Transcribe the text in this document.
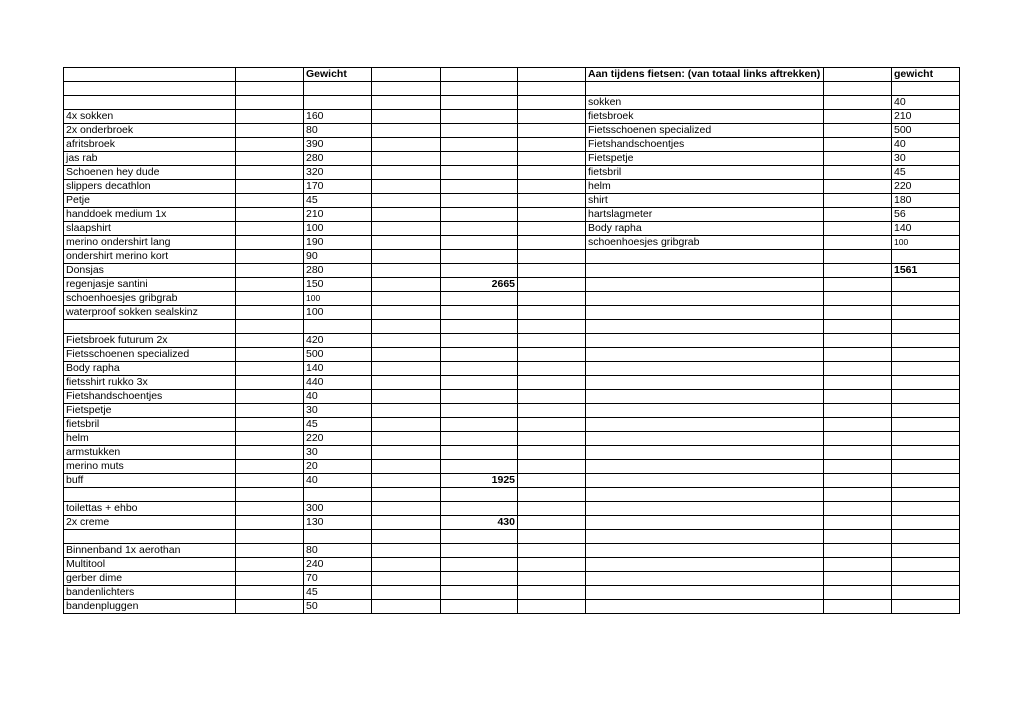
		Gewicht				Aan tijdens fietsen: (van totaal links aftrekken)		gewicht

						sokken		40
4x sokken		160				fietsbroek		210
2x onderbroek		80				Fietsschoenen specialized		500
afritsbroek		390				Fietshandschoentjes		40
jas rab		280				Fietspetje		30
Schoenen hey dude		320				fietsbril		45
slippers decathlon		170				helm		220
Petje		45				shirt		180
handdoek medium 1x		210				hartslagmeter		56
slaapshirt		100				Body rapha		140
merino ondershirt lang		190				schoenhoesjes gribgrab		100
ondershirt merino kort		90						
Donsjas		280						1561
regenjasje santini		150		2665				
schoenhoesjes gribgrab		100						
waterproof sokken sealskinz		100						

Fietsbroek futurum 2x		420						
Fietsschoenen specialized		500						
Body rapha		140						
fietsshirt rukko 3x		440						
Fietshandschoentjes		40						
Fietspetje		30						
fietsbril		45						
helm		220						
armstukken		30						
merino muts		20						
buff		40		1925				

toilettas + ehbo		300						
2x creme		130		430				

Binnenband 1x aerothan		80						
Multitool		240						
gerber dime		70						
bandenlichters		45						
bandenpluggen		50						
